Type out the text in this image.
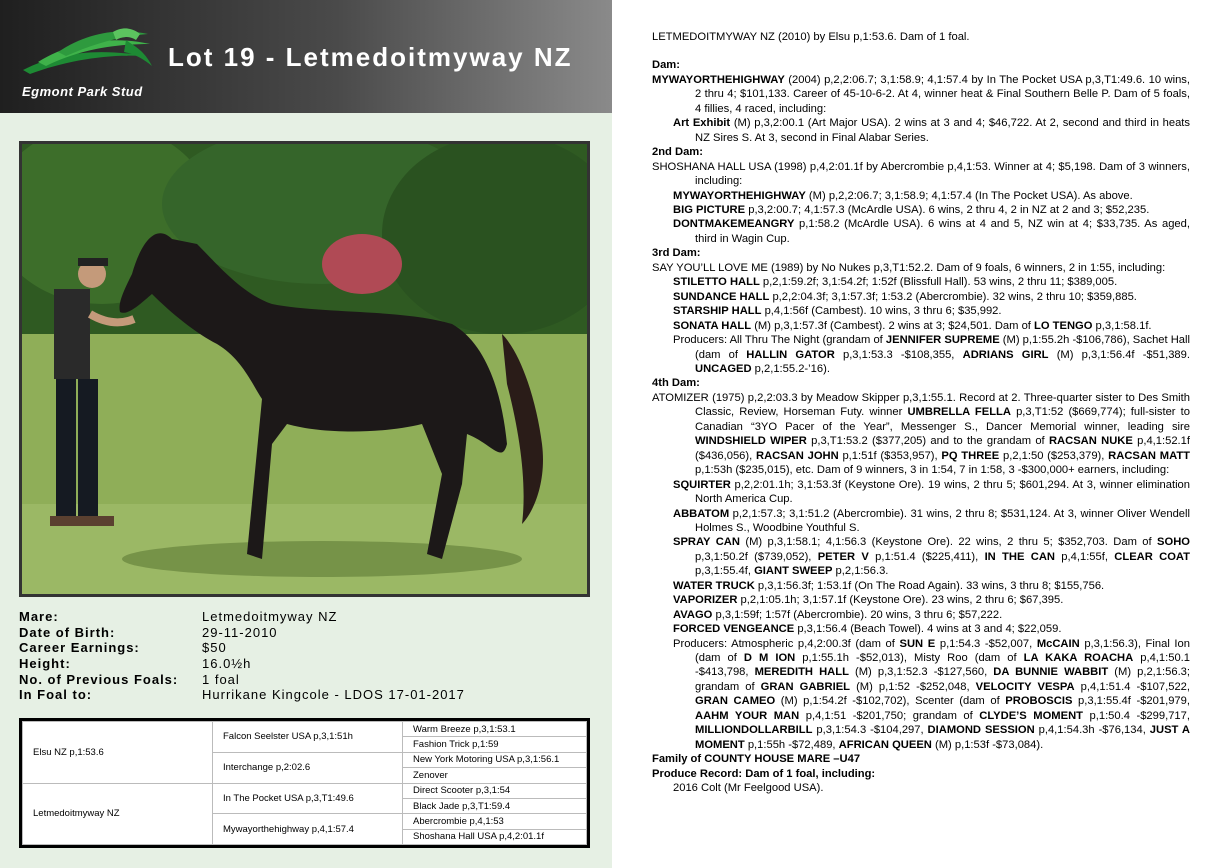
Egmont Park Stud
Lot 19 - Letmedoitmyway NZ
Mare:	Letmedoitmyway NZ
Date of Birth:	29-11-2010
Career Earnings:	$50
Height:	16.0½h
No. of Previous Foals:	1 foal
In Foal to:	Hurrikane Kingcole - LDOS 17-01-2017
Elsu NZ p,1:53.6	Falcon Seelster USA p,3,1:51h	Warm Breeze p,3,1:53.1
		Fashion Trick p,1:59
	Interchange p,2:02.6	New York Motoring USA p,3,1:56.1
		Zenover
Letmedoitmyway NZ	In The Pocket USA p,3,T1:49.6	Direct Scooter p,3,1:54
		Black Jade p,3,T1:59.4
	Mywayorthehighway p,4,1:57.4	Abercrombie p,4,1:53
		Shoshana Hall USA p,4,2:01.1f
LETMEDOITMYWAY NZ (2010) by Elsu p,1:53.6. Dam of 1 foal.
Dam:
MYWAYORTHEHIGHWAY (2004) p,2,2:06.7; 3,1:58.9; 4,1:57.4 by In The Pocket USA p,3,T1:49.6. 10 wins, 2 thru 4; $101,133. Career of 45-10-6-2. At 4, winner heat & Final Southern Belle P. Dam of 5 foals, 4 fillies, 4 raced, including:
Art Exhibit (M) p,3,2:00.1 (Art Major USA). 2 wins at 3 and 4; $46,722. At 2, second and third in heats NZ Sires S. At 3, second in Final Alabar Series.
2nd Dam:
SHOSHANA HALL USA (1998) p,4,2:01.1f by Abercrombie p,4,1:53. Winner at 4; $5,198. Dam of 3 winners, including:
MYWAYORTHEHIGHWAY (M) p,2,2:06.7; 3,1:58.9; 4,1:57.4 (In The Pocket USA). As above.
BIG PICTURE p,3,2:00.7; 4,1:57.3 (McArdle USA). 6 wins, 2 thru 4, 2 in NZ at 2 and 3; $52,235.
DONTMAKEMEANGRY p,1:58.2 (McArdle USA). 6 wins at 4 and 5, NZ win at 4; $33,735. As aged, third in Wagin Cup.
3rd Dam:
SAY YOU’LL LOVE ME (1989) by No Nukes p,3,T1:52.2. Dam of 9 foals, 6 winners, 2 in 1:55, including:
STILETTO HALL p,2,1:59.2f; 3,1:54.2f; 1:52f (Blissfull Hall). 53 wins, 2 thru 11; $389,005.
SUNDANCE HALL p,2,2:04.3f; 3,1:57.3f; 1:53.2 (Abercrombie). 32 wins, 2 thru 10; $359,885.
STARSHIP HALL p,4,1:56f (Cambest). 10 wins, 3 thru 6; $35,992.
SONATA HALL (M) p,3,1:57.3f (Cambest). 2 wins at 3; $24,501. Dam of LO TENGO p,3,1:58.1f.
Producers: All Thru The Night (grandam of JENNIFER SUPREME (M) p,1:55.2h -$106,786), Sachet Hall (dam of HALLIN GATOR p,3,1:53.3 -$108,355, ADRIANS GIRL (M) p,3,1:56.4f -$51,389. UNCAGED p,2,1:55.2-’16).
4th Dam:
ATOMIZER (1975) p,2,2:03.3 by Meadow Skipper p,3,1:55.1. Record at 2. Three-quarter sister to Des Smith Classic, Review, Horseman Futy. winner UMBRELLA FELLA p,3,T1:52 ($669,774); full-sister to Canadian “3YO Pacer of the Year”, Messenger S., Dancer Memorial winner, leading sire WINDSHIELD WIPER p,3,T1:53.2 ($377,205) and to the grandam of RACSAN NUKE p,4,1:52.1f ($436,056), RACSAN JOHN p,1:51f ($353,957), PQ THREE p,2,1:50 ($253,379), RACSAN MATT p,1:53h ($235,015), etc. Dam of 9 winners, 3 in 1:54, 7 in 1:58, 3 -$300,000+ earners, including:
SQUIRTER p,2,2:01.1h; 3,1:53.3f (Keystone Ore). 19 wins, 2 thru 5; $601,294. At 3, winner elimination North America Cup.
ABBATOM p,2,1:57.3; 3,1:51.2 (Abercrombie). 31 wins, 2 thru 8; $531,124. At 3, winner Oliver Wendell Holmes S., Woodbine Youthful S.
SPRAY CAN (M) p,3,1:58.1; 4,1:56.3 (Keystone Ore). 22 wins, 2 thru 5; $352,703. Dam of SOHO p,3,1:50.2f ($739,052), PETER V p,1:51.4 ($225,411), IN THE CAN p,4,1:55f, CLEAR COAT p,3,1:55.4f, GIANT SWEEP p,2,1:56.3.
WATER TRUCK p,3,1:56.3f; 1:53.1f (On The Road Again). 33 wins, 3 thru 8; $155,756.
VAPORIZER p,2,1:05.1h; 3,1:57.1f (Keystone Ore). 23 wins, 2 thru 6; $67,395.
AVAGO p,3,1:59f; 1:57f (Abercrombie). 20 wins, 3 thru 6; $57,222.
FORCED VENGEANCE p,3,1:56.4 (Beach Towel). 4 wins at 3 and 4; $22,059.
Producers: Atmospheric p,4,2:00.3f (dam of SUN E p,1:54.3 -$52,007, McCAIN p,3,1:56.3), Final Ion (dam of D M ION p,1:55.1h -$52,013), Misty Roo (dam of LA KAKA ROACHA p,4,1:50.1 -$413,798, MEREDITH HALL (M) p,3,1:52.3 -$127,560, DA BUNNIE WABBIT (M) p,2,1:56.3; grandam of GRAN GABRIEL (M) p,1:52 -$252,048, VELOCITY VESPA p,4,1:51.4 -$107,522, GRAN CAMEO (M) p,1:54.2f -$102,702), Scenter (dam of PROBOSCIS p,3,1:55.4f -$201,979, AAHM YOUR MAN p,4,1:51 -$201,750; grandam of CLYDE’S MOMENT p,1:50.4 -$299,717, MILLIONDOLLARBILL p,3,1:54.3 -$104,297, DIAMOND SESSION p,4,1:54.3h -$76,134, JUST A MOMENT p,1:55h -$72,489, AFRICAN QUEEN (M) p,1:53f -$73,084).
Family of COUNTY HOUSE MARE –U47
Produce Record: Dam of 1 foal, including:
2016 Colt (Mr Feelgood USA).
